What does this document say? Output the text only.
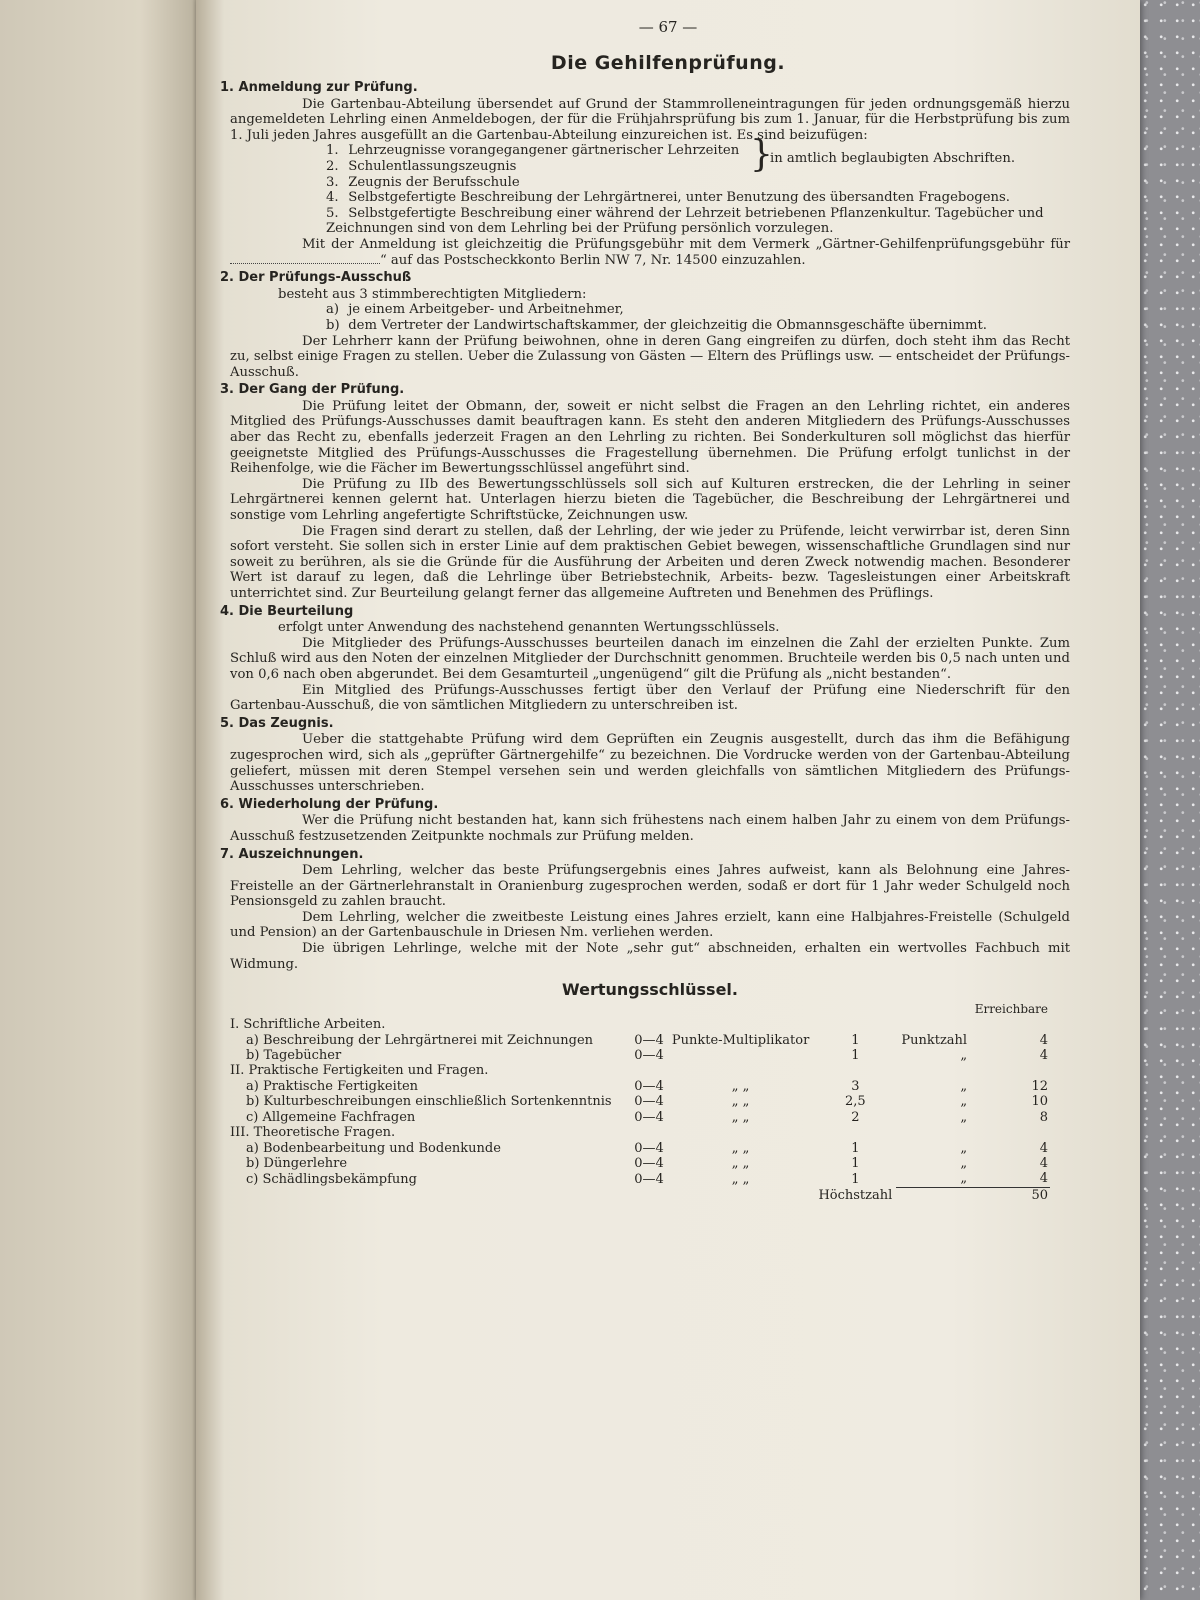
— 67 —
Die Gehilfenprüfung.
1. Anmeldung zur Prüfung.

Die Gartenbau-Abteilung übersendet auf Grund der Stammrolleneintragungen für jeden ordnungsgemäß hierzu angemeldeten Lehrling einen Anmeldebogen, der für die Frühjahrsprüfung bis zum 1. Januar, für die Herbstprüfung bis zum 1. Juli jeden Jahres ausgefüllt an die Gartenbau-Abteilung einzureichen ist. Es sind beizufügen:

1. Lehrzeugnisse vorangegangener gärtnerischer Lehrzeiten

2. Schulentlassungszeugnis

3. Zeugnis der Berufsschule

} in amtlich beglaubigten Abschriften.

4. Selbstgefertigte Beschreibung der Lehrgärtnerei, unter Benutzung des übersandten Fragebogens.

5. Selbstgefertigte Beschreibung einer während der Lehrzeit betriebenen Pflanzenkultur. Tagebücher und Zeichnungen sind von dem Lehrling bei der Prüfung persönlich vorzulegen.

Mit der Anmeldung ist gleichzeitig die Prüfungsgebühr mit dem Vermerk „Gärtner-Gehilfenprüfungsgebühr für “ auf das Postscheckkonto Berlin NW 7, Nr. 14500 einzuzahlen.

2. Der Prüfungs-Ausschuß

besteht aus 3 stimmberechtigten Mitgliedern:

a) je einem Arbeitgeber- und Arbeitnehmer,

b) dem Vertreter der Landwirtschaftskammer, der gleichzeitig die Obmannsgeschäfte übernimmt.

Der Lehrherr kann der Prüfung beiwohnen, ohne in deren Gang eingreifen zu dürfen, doch steht ihm das Recht zu, selbst einige Fragen zu stellen. Ueber die Zulassung von Gästen — Eltern des Prüflings usw. — entscheidet der Prüfungs-Ausschuß.

3. Der Gang der Prüfung.

Die Prüfung leitet der Obmann, der, soweit er nicht selbst die Fragen an den Lehrling richtet, ein anderes Mitglied des Prüfungs-Ausschusses damit beauftragen kann. Es steht den anderen Mitgliedern des Prüfungs-Ausschusses aber das Recht zu, ebenfalls jederzeit Fragen an den Lehrling zu richten. Bei Sonderkulturen soll möglichst das hierfür geeignetste Mitglied des Prüfungs-Ausschusses die Fragestellung übernehmen. Die Prüfung erfolgt tunlichst in der Reihenfolge, wie die Fächer im Bewertungsschlüssel angeführt sind.

Die Prüfung zu IIb des Bewertungsschlüssels soll sich auf Kulturen erstrecken, die der Lehrling in seiner Lehrgärtnerei kennen gelernt hat. Unterlagen hierzu bieten die Tagebücher, die Beschreibung der Lehrgärtnerei und sonstige vom Lehrling angefertigte Schriftstücke, Zeichnungen usw.

Die Fragen sind derart zu stellen, daß der Lehrling, der wie jeder zu Prüfende, leicht verwirrbar ist, deren Sinn sofort versteht. Sie sollen sich in erster Linie auf dem praktischen Gebiet bewegen, wissenschaftliche Grundlagen sind nur soweit zu berühren, als sie die Gründe für die Ausführung der Arbeiten und deren Zweck notwendig machen. Besonderer Wert ist darauf zu legen, daß die Lehrlinge über Betriebstechnik, Arbeits- bezw. Tagesleistungen einer Arbeitskraft unterrichtet sind. Zur Beurteilung gelangt ferner das allgemeine Auftreten und Benehmen des Prüflings.

4. Die Beurteilung

erfolgt unter Anwendung des nachstehend genannten Wertungsschlüssels.

Die Mitglieder des Prüfungs-Ausschusses beurteilen danach im einzelnen die Zahl der erzielten Punkte. Zum Schluß wird aus den Noten der einzelnen Mitglieder der Durchschnitt genommen. Bruchteile werden bis 0,5 nach unten und von 0,6 nach oben abgerundet. Bei dem Gesamturteil „ungenügend“ gilt die Prüfung als „nicht bestanden“.

Ein Mitglied des Prüfungs-Ausschusses fertigt über den Verlauf der Prüfung eine Niederschrift für den Gartenbau-Ausschuß, die von sämtlichen Mitgliedern zu unterschreiben ist.

5. Das Zeugnis.

Ueber die stattgehabte Prüfung wird dem Geprüften ein Zeugnis ausgestellt, durch das ihm die Befähigung zugesprochen wird, sich als „geprüfter Gärtnergehilfe“ zu bezeichnen. Die Vordrucke werden von der Gartenbau-Abteilung geliefert, müssen mit deren Stempel versehen sein und werden gleichfalls von sämtlichen Mitgliedern des Prüfungs-Ausschusses unterschrieben.

6. Wiederholung der Prüfung.

Wer die Prüfung nicht bestanden hat, kann sich frühestens nach einem halben Jahr zu einem von dem Prüfungs-Ausschuß festzusetzenden Zeitpunkte nochmals zur Prüfung melden.

7. Auszeichnungen.

Dem Lehrling, welcher das beste Prüfungsergebnis eines Jahres aufweist, kann als Belohnung eine Jahres-Freistelle an der Gärtnerlehranstalt in Oranienburg zugesprochen werden, sodaß er dort für 1 Jahr weder Schulgeld noch Pensionsgeld zu zahlen braucht.

Dem Lehrling, welcher die zweitbeste Leistung eines Jahres erzielt, kann eine Halbjahres-Freistelle (Schulgeld und Pension) an der Gartenbauschule in Driesen Nm. verliehen werden.

Die übrigen Lehrlinge, welche mit der Note „sehr gut“ abschneiden, erhalten ein wertvolles Fachbuch mit Widmung.

Wertungsschlüssel.
					Erreichbare
I. Schriftliche Arbeiten.					
a) Beschreibung der Lehrgärtnerei mit Zeichnungen	0—4	Punkte-Multiplikator	1	Punktzahl	4
b) Tagebücher	0—4		1	„	4
II. Praktische Fertigkeiten und Fragen.					
a) Praktische Fertigkeiten	0—4	„ „	3	„	12
b) Kulturbeschreibungen einschließlich Sortenkenntnis	0—4	„ „	2,5	„	10
c) Allgemeine Fachfragen	0—4	„ „	2	„	8
III. Theoretische Fragen.					
a) Bodenbearbeitung und Bodenkunde	0—4	„ „	1	„	4
b) Düngerlehre	0—4	„ „	1	„	4
c) Schädlingsbekämpfung	0—4	„ „	1	„	4
			Höchstzahl		50
